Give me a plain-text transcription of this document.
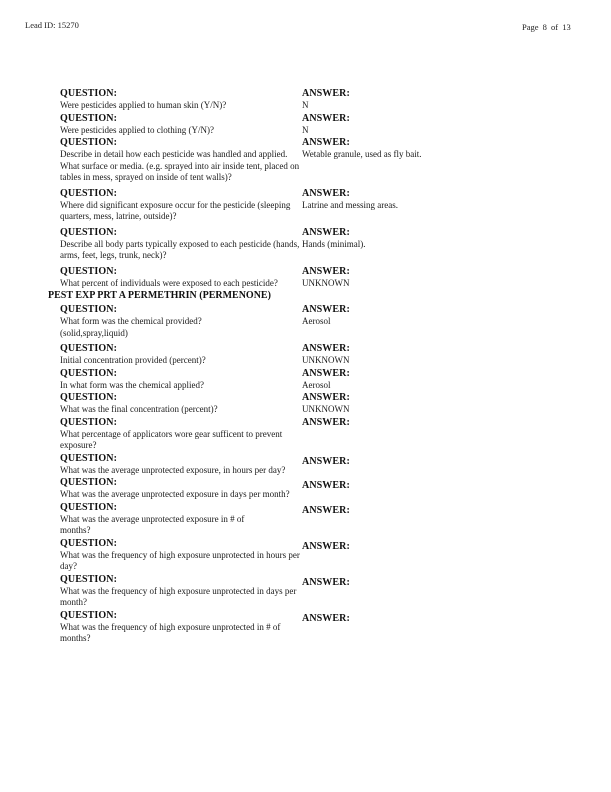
Lead ID: 15270	Page 8 of 13
QUESTION:
Were pesticides applied to human skin (Y/N)?
ANSWER:
N
QUESTION:
Were pesticides applied to clothing (Y/N)?
ANSWER:
N
QUESTION:
Describe in detail how each pesticide was handled and applied. What surface or media. (e.g. sprayed into air inside tent, placed on tables in mess, sprayed on inside of tent walls)?
ANSWER:
Wetable granule, used as fly bait.
QUESTION:
Where did significant exposure occur for the pesticide (sleeping quarters, mess, latrine, outside)?
ANSWER:
Latrine and messing areas.
QUESTION:
Describe all body parts typically exposed to each pesticide (hands, arms, feet, legs, trunk, neck)?
ANSWER:
Hands (minimal).
QUESTION:
What percent of individuals were exposed to each pesticide?
ANSWER:
UNKNOWN
PEST EXP PRT A PERMETHRIN (PERMENONE)
QUESTION:
What form was the chemical provided?(solid,spray,liquid)
ANSWER:
Aerosol
QUESTION:
Initial concentration provided (percent)?
ANSWER:
UNKNOWN
QUESTION:
In what form was the chemical applied?
ANSWER:
Aerosol
QUESTION:
What was the final concentration (percent)?
ANSWER:
UNKNOWN
QUESTION:
What percentage of applicators wore gear sufficent to prevent exposure?
ANSWER:
QUESTION:
What was the average unprotected exposure, in hours per day?
ANSWER:
QUESTION:
What was the average unprotected exposure in days per month?
ANSWER:
QUESTION:
What was the average unprotected exposure in # of months?
ANSWER:
QUESTION:
What was the frequency of high exposure unprotected in hours per day?
ANSWER:
QUESTION:
What was the frequency of high exposure unprotected in days per month?
ANSWER:
QUESTION:
What was the frequency of high exposure unprotected in # of months?
ANSWER:
